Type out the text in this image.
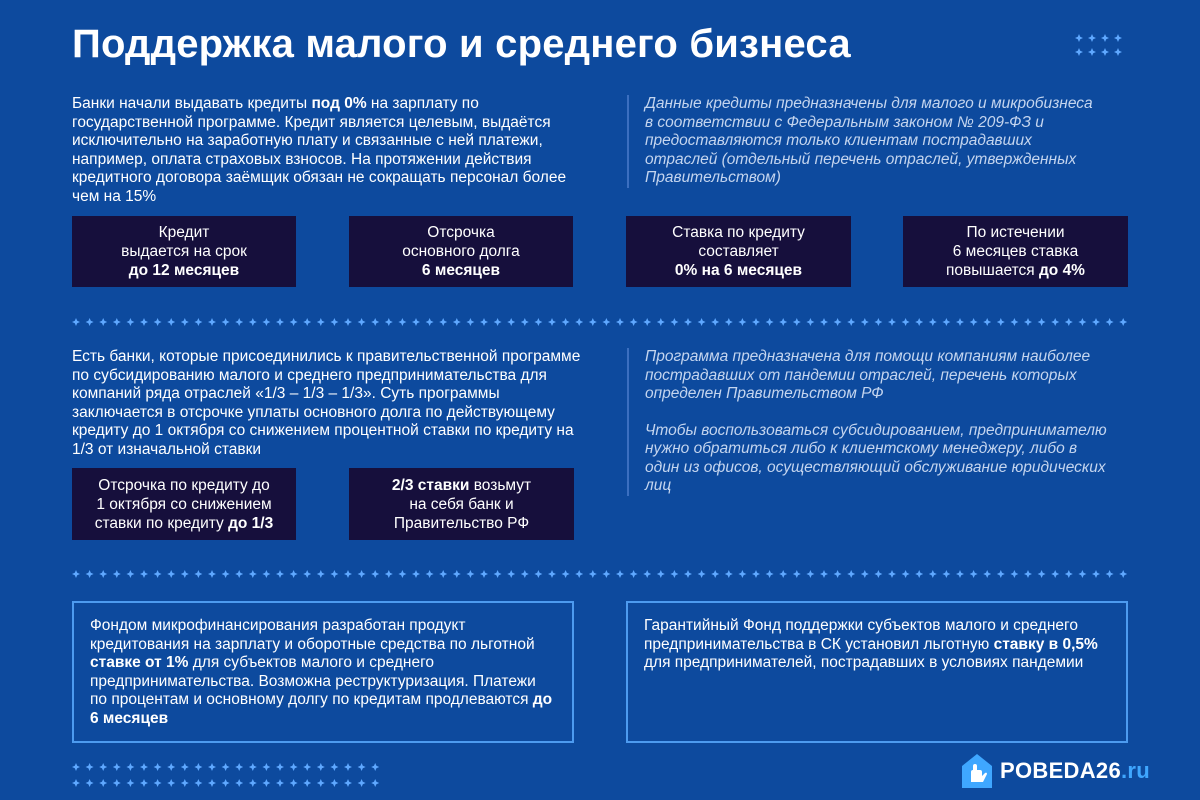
Поддержка малого и среднего бизнеса
Банки начали выдавать кредиты под 0% на зарплату по государственной программе. Кредит является целевым, выдаётся исключительно на заработную плату и связанные с ней платежи, например, оплата страховых взносов. На протяжении действия кредитного договора заёмщик обязан не сокращать персонал более чем на 15%
Данные кредиты предназначены для малого и микробизнеса в соответствии с Федеральным законом № 209-ФЗ и предоставляются только клиентам пострадавших отраслей (отдельный перечень отраслей, утвержденных Правительством)
Кредит
выдается на срок
до 12 месяцев
Отсрочка
основного долга
6 месяцев
Ставка по кредиту
составляет
0% на 6 месяцев
По истечении
6 месяцев ставка
повышается до 4%
Есть банки, которые присоединились к правительственной программе по субсидированию малого и среднего предпринимательства для компаний ряда отраслей «1/3 – 1/3 – 1/3». Суть программы заключается в отсрочке уплаты основного долга по действующему кредиту до 1 октября со снижением процентной ставки по кредиту на 1/3 от изначальной ставки
Программа предназначена для помощи компаниям наиболее пострадавших от пандемии отраслей, перечень которых определен Правительством РФ
Чтобы воспользоваться субсидированием, предпринимателю нужно обратиться либо к клиентскому менеджеру, либо в один из офисов, осуществляющий обслуживание юридических лиц
Отсрочка по кредиту до
1 октября со снижением
ставки по кредиту до 1/3
2/3 ставки возьмут
на себя банк и
Правительство РФ
Фондом микрофинансирования разработан продукт кредитования на зарплату и оборотные средства по льготной ставке от 1% для субъектов малого и среднего предпринимательства. Возможна реструктуризация. Платежи по процентам и основному долгу по кредитам продлеваются до 6 месяцев
Гарантийный Фонд поддержки субъектов малого и среднего предпринимательства в СК установил льготную ставку в 0,5% для предпринимателей, пострадавших в условиях пандемии
POBEDA26.ru
